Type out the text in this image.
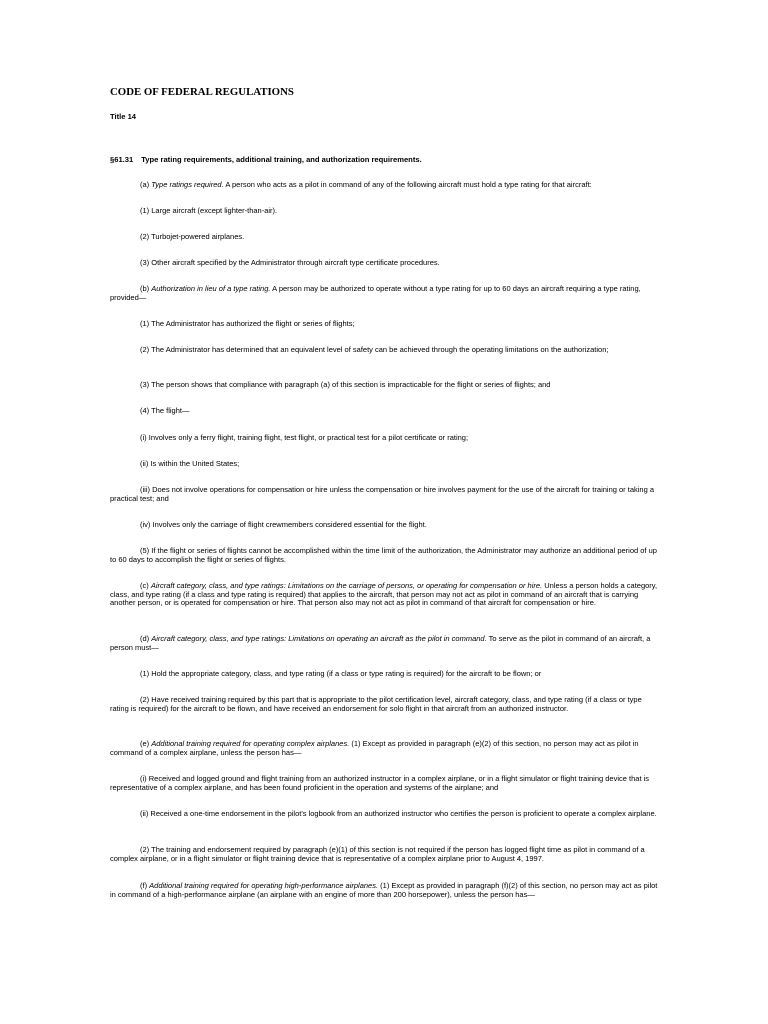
CODE OF FEDERAL REGULATIONS
Title 14
§61.31 Type rating requirements, additional training, and authorization requirements.

(a) Type ratings required. A person who acts as a pilot in command of any of the following aircraft must hold a type rating for that aircraft:

(1) Large aircraft (except lighter-than-air).

(2) Turbojet-powered airplanes.

(3) Other aircraft specified by the Administrator through aircraft type certificate procedures.

(b) Authorization in lieu of a type rating. A person may be authorized to operate without a type rating for up to 60 days an aircraft requiring a type rating, provided—

(1) The Administrator has authorized the flight or series of flights;

(2) The Administrator has determined that an equivalent level of safety can be achieved through the operating limitations on the authorization;

(3) The person shows that compliance with paragraph (a) of this section is impracticable for the flight or series of flights; and

(4) The flight—

(i) Involves only a ferry flight, training flight, test flight, or practical test for a pilot certificate or rating;

(ii) Is within the United States;

(iii) Does not involve operations for compensation or hire unless the compensation or hire involves payment for the use of the aircraft for training or taking a practical test; and

(iv) Involves only the carriage of flight crewmembers considered essential for the flight.

(5) If the flight or series of flights cannot be accomplished within the time limit of the authorization, the Administrator may authorize an additional period of up to 60 days to accomplish the flight or series of flights.

(c) Aircraft category, class, and type ratings: Limitations on the carriage of persons, or operating for compensation or hire. Unless a person holds a category, class, and type rating (if a class and type rating is required) that applies to the aircraft, that person may not act as pilot in command of an aircraft that is carrying another person, or is operated for compensation or hire. That person also may not act as pilot in command of that aircraft for compensation or hire.

(d) Aircraft category, class, and type ratings: Limitations on operating an aircraft as the pilot in command. To serve as the pilot in command of an aircraft, a person must—

(1) Hold the appropriate category, class, and type rating (if a class or type rating is required) for the aircraft to be flown; or

(2) Have received training required by this part that is appropriate to the pilot certification level, aircraft category, class, and type rating (if a class or type rating is required) for the aircraft to be flown, and have received an endorsement for solo flight in that aircraft from an authorized instructor.

(e) Additional training required for operating complex airplanes. (1) Except as provided in paragraph (e)(2) of this section, no person may act as pilot in command of a complex airplane, unless the person has—

(i) Received and logged ground and flight training from an authorized instructor in a complex airplane, or in a flight simulator or flight training device that is representative of a complex airplane, and has been found proficient in the operation and systems of the airplane; and

(ii) Received a one-time endorsement in the pilot's logbook from an authorized instructor who certifies the person is proficient to operate a complex airplane.

(2) The training and endorsement required by paragraph (e)(1) of this section is not required if the person has logged flight time as pilot in command of a complex airplane, or in a flight simulator or flight training device that is representative of a complex airplane prior to August 4, 1997.

(f) Additional training required for operating high-performance airplanes. (1) Except as provided in paragraph (f)(2) of this section, no person may act as pilot in command of a high-performance airplane (an airplane with an engine of more than 200 horsepower), unless the person has—
